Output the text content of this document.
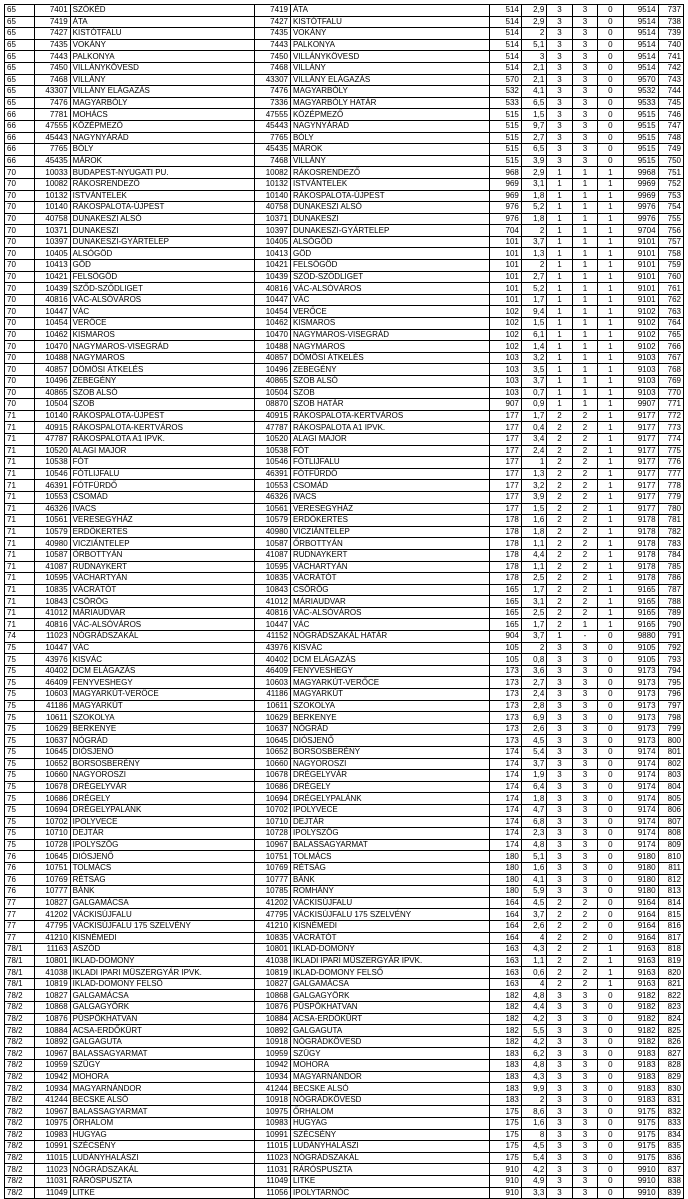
65	7401	SZŐKÉD	7419	ÁTA	514	2,9	3	3	0	9514	737
65	7419	ÁTA	7427	KISTÓTFALU	514	2,9	3	3	0	9514	738
65	7427	KISTÓTFALU	7435	VOKÁNY	514	2	3	3	0	9514	739
65	7435	VOKÁNY	7443	PALKONYA	514	5,1	3	3	0	9514	740
65	7443	PALKONYA	7450	VILLÁNYKÖVESD	514	3	3	3	0	9514	741
65	7450	VILLÁNYKÖVESD	7468	VILLÁNY	514	2,1	3	3	0	9514	742
65	7468	VILLÁNY	43307	VILLÁNY ELÁGAZÁS	570	2,1	3	3	0	9570	743
65	43307	VILLÁNY ELÁGAZÁS	7476	MAGYARBÓLY	532	4,1	3	3	0	9532	744
65	7476	MAGYARBÓLY	7336	MAGYARBÓLY HATÁR	533	6,5	3	3	0	9533	745
66	7781	MOHÁCS	47555	KÖZÉPMEZŐ	515	1,5	3	3	0	9515	746
66	47555	KÖZÉPMEZŐ	45443	NAGYNYÁRÁD	515	9,7	3	3	0	9515	747
66	45443	NAGYNYÁRÁD	7765	BÓLY	515	2,7	3	3	0	9515	748
66	7765	BÓLY	45435	MÁROK	515	6,5	3	3	0	9515	749
66	45435	MÁROK	7468	VILLÁNY	515	3,9	3	3	0	9515	750
70	10033	BUDAPEST-NYUGATI PU.	10082	RÁKOSRENDEZŐ	968	2,9	1	1	1	9968	751
70	10082	RÁKOSRENDEZŐ	10132	ISTVÁNTELEK	969	3,1	1	1	1	9969	752
70	10132	ISTVÁNTELEK	10140	RÁKOSPALOTA-ÚJPEST	969	1,8	1	1	1	9969	753
70	10140	RÁKOSPALOTA-ÚJPEST	40758	DUNAKESZI ALSÓ	976	5,2	1	1	1	9976	754
70	40758	DUNAKESZI ALSÓ	10371	DUNAKESZI	976	1,8	1	1	1	9976	755
70	10371	DUNAKESZI	10397	DUNAKESZI-GYÁRTELEP	704	2	1	1	1	9704	756
70	10397	DUNAKESZI-GYÁRTELEP	10405	ALSÓGÖD	101	3,7	1	1	1	9101	757
70	10405	ALSÓGÖD	10413	GÖD	101	1,3	1	1	1	9101	758
70	10413	GÖD	10421	FELSŐGÖD	101	2	1	1	1	9101	759
70	10421	FELSŐGÖD	10439	SZŐD-SZŐDLIGET	101	2,7	1	1	1	9101	760
70	10439	SZŐD-SZŐDLIGET	40816	VÁC-ALSÓVÁROS	101	5,2	1	1	1	9101	761
70	40816	VÁC-ALSÓVÁROS	10447	VÁC	101	1,7	1	1	1	9101	762
70	10447	VÁC	10454	VERŐCE	102	9,4	1	1	1	9102	763
70	10454	VERŐCE	10462	KISMAROS	102	1,5	1	1	1	9102	764
70	10462	KISMAROS	10470	NAGYMAROS-VISEGRÁD	102	6,1	1	1	1	9102	765
70	10470	NAGYMAROS-VISEGRÁD	10488	NAGYMAROS	102	1,4	1	1	1	9102	766
70	10488	NAGYMAROS	40857	DÖMÖSI ÁTKELÉS	103	3,2	1	1	1	9103	767
70	40857	DÖMÖSI ÁTKELÉS	10496	ZEBEGÉNY	103	3,5	1	1	1	9103	768
70	10496	ZEBEGÉNY	40865	SZOB ALSÓ	103	3,7	1	1	1	9103	769
70	40865	SZOB ALSÓ	10504	SZOB	103	0,7	1	1	1	9103	770
70	10504	SZOB	08870	SZOB HATÁR	907	0,9	1	1	1	9907	771
71	10140	RÁKOSPALOTA-ÚJPEST	40915	RÁKOSPALOTA-KERTVÁROS	177	1,7	2	2	1	9177	772
71	40915	RÁKOSPALOTA-KERTVÁROS	47787	RÁKOSPALOTA A1 IPVK.	177	0,4	2	2	1	9177	773
71	47787	RÁKOSPALOTA A1 IPVK.	10520	ALAGI MAJOR	177	3,4	2	2	1	9177	774
71	10520	ALAGI MAJOR	10538	FÓT	177	2,4	2	2	1	9177	775
71	10538	FÓT	10546	FÓTLIJFALU	177	1	2	2	1	9177	776
71	10546	FÓTLIJFALU	46391	FÓTFÜRDŐ	177	1,3	2	2	1	9177	777
71	46391	FÓTFÜRDŐ	10553	CSOMÁD	177	3,2	2	2	1	9177	778
71	10553	CSOMÁD	46326	IVACS	177	3,9	2	2	1	9177	779
71	46326	IVACS	10561	VERESEGYHÁZ	177	1,5	2	2	1	9177	780
71	10561	VERESEGYHÁZ	10579	ERDŐKERTES	178	1,6	2	2	1	9178	781
71	10579	ERDŐKERTES	40980	VICZIÁNTELEP	178	1,8	2	2	1	9178	782
71	40980	VICZIÁNTELEP	10587	ŐRBOTTYÁN	178	1,1	2	2	1	9178	783
71	10587	ŐRBOTTYÁN	41087	RUDNAYKERT	178	4,4	2	2	1	9178	784
71	41087	RUDNAYKERT	10595	VÁCHARTYÁN	178	1,1	2	2	1	9178	785
71	10595	VÁCHARTYÁN	10835	VÁCRÁTÓT	178	2,5	2	2	1	9178	786
71	10835	VÁCRÁTÓT	10843	CSÖRÖG	165	1,7	2	2	1	9165	787
71	10843	CSÖRÖG	41012	MÁRIAUDVAR	165	3,1	2	2	1	9165	788
71	41012	MÁRIAUDVAR	40816	VÁC-ALSÓVÁROS	165	2,5	2	2	1	9165	789
71	40816	VÁC-ALSÓVÁROS	10447	VÁC	165	1,7	2	1	1	9165	790
74	11023	NÓGRÁDSZAKÁL	41152	NÓGRÁDSZAKÁL HATÁR	904	3,7	1	-	0	9880	791
75	10447	VÁC	43976	KISVÁC	105	2	3	3	0	9105	792
75	43976	KISVÁC	40402	DCM ELÁGAZÁS	105	0,8	3	3	0	9105	793
75	40402	DCM ELÁGAZÁS	46409	FENYVESHEGY	173	3,6	3	3	0	9173	794
75	46409	FENYVESHEGY	10603	MAGYARKÚT-VERŐCE	173	2,7	3	3	0	9173	795
75	10603	MAGYARKÚT-VERŐCE	41186	MAGYARKÚT	173	2,4	3	3	0	9173	796
75	41186	MAGYARKÚT	10611	SZOKOLYA	173	2,8	3	3	0	9173	797
75	10611	SZOKOLYA	10629	BERKENYE	173	6,9	3	3	0	9173	798
75	10629	BERKENYE	10637	NÓGRÁD	173	2,6	3	3	0	9173	799
75	10637	NÓGRÁD	10645	DIÓSJENŐ	173	4,5	3	3	0	9173	800
75	10645	DIÓSJENŐ	10652	BORSOSBERÉNY	174	5,4	3	3	0	9174	801
75	10652	BORSOSBERÉNY	10660	NAGYOROSZI	174	3,7	3	3	0	9174	802
75	10660	NAGYOROSZI	10678	DRÉGELYVÁR	174	1,9	3	3	0	9174	803
75	10678	DRÉGELYVÁR	10686	DRÉGELY	174	6,4	3	3	0	9174	804
75	10686	DRÉGELY	10694	DRÉGELYPALÁNK	174	1,8	3	3	0	9174	805
75	10694	DRÉGELYPALÁNK	10702	IPOLYVECE	174	4,7	3	3	0	9174	806
75	10702	IPOLYVECE	10710	DEJTÁR	174	6,8	3	3	0	9174	807
75	10710	DEJTÁR	10728	IPOLYSZÖG	174	2,3	3	3	0	9174	808
75	10728	IPOLYSZÖG	10967	BALASSAGYARMAT	174	4,8	3	3	0	9174	809
76	10645	DIÓSJENŐ	10751	TOLMÁCS	180	5,1	3	3	0	9180	810
76	10751	TOLMÁCS	10769	RÉTSÁG	180	1,6	3	3	0	9180	811
76	10769	RÉTSÁG	10777	BÁNK	180	4,1	3	3	0	9180	812
76	10777	BÁNK	10785	ROMHÁNY	180	5,9	3	3	0	9180	813
77	10827	GALGAMÁCSA	41202	VÁCKISÚJFALU	164	4,5	2	2	0	9164	814
77	41202	VÁCKISÚJFALU	47795	VÁCKISÚJFALU 175 SZELVÉNY	164	3,7	2	2	0	9164	815
77	47795	VÁCKISÚJFALU 175 SZELVÉNY	41210	KISNÉMEDI	164	2,6	2	2	0	9164	816
77	41210	KISNÉMEDI	10835	VÁCRÁTÓT	164	4	2	2	0	9164	817
78/1	11163	ASZÓD	10801	IKLAD-DOMONY	163	4,3	2	2	1	9163	818
78/1	10801	IKLAD-DOMONY	41038	IKLADI IPARI MÜSZERGYÁR IPVK.	163	1,1	2	2	1	9163	819
78/1	41038	IKLADI IPARI MÜSZERGYÁR IPVK.	10819	IKLAD-DOMONY FELSŐ	163	0,6	2	2	1	9163	820
78/1	10819	IKLAD-DOMONY FELSŐ	10827	GALGAMÁCSA	163	4	2	2	1	9163	821
78/2	10827	GALGAMÁCSA	10868	GALGAGYÖRK	182	4,8	3	3	0	9182	822
78/2	10868	GALGAGYÖRK	10876	PÜSPÖKHATVAN	182	4,4	3	3	0	9182	823
78/2	10876	PÜSPÖKHATVAN	10884	ACSA-ERDŐKÜRT	182	4,2	3	3	0	9182	824
78/2	10884	ACSA-ERDŐKÜRT	10892	GALGAGUTA	182	5,5	3	3	0	9182	825
78/2	10892	GALGAGUTA	10918	NÓGRÁDKÖVESD	182	4,2	3	3	0	9182	826
78/2	10967	BALASSAGYARMAT	10959	SZÜGY	183	6,2	3	3	0	9183	827
78/2	10959	SZÜGY	10942	MOHORA	183	4,8	3	3	0	9183	828
78/2	10942	MOHORA	10934	MAGYARNÁNDOR	183	4,3	3	3	0	9183	829
78/2	10934	MAGYARNÁNDOR	41244	BECSKE ALSÓ	183	9,9	3	3	0	9183	830
78/2	41244	BECSKE ALSÓ	10918	NÓGRÁDKÖVESD	183	2	3	3	0	9183	831
78/2	10967	BALASSAGYARMAT	10975	ŐRHALOM	175	8,6	3	3	0	9175	832
78/2	10975	ŐRHALOM	10983	HUGYAG	175	1,6	3	3	0	9175	833
78/2	10983	HUGYAG	10991	SZÉCSÉNY	175	8	3	3	0	9175	834
78/2	10991	SZÉCSÉNY	11015	LUDÁNYHALÁSZI	175	4,5	3	3	0	9175	835
78/2	11015	LUDÁNYHALÁSZI	11023	NÓGRÁDSZAKÁL	175	5,4	3	3	0	9175	836
78/2	11023	NÓGRÁDSZAKÁL	11031	RÁRÓSPUSZTA	910	4,2	3	3	0	9910	837
78/2	11031	RÁRÓSPUSZTA	11049	LITKE	910	4,9	3	3	0	9910	838
78/2	11049	LITKE	11056	IPOLYTARNÓC	910	3,3	3	3	0	9910	839
